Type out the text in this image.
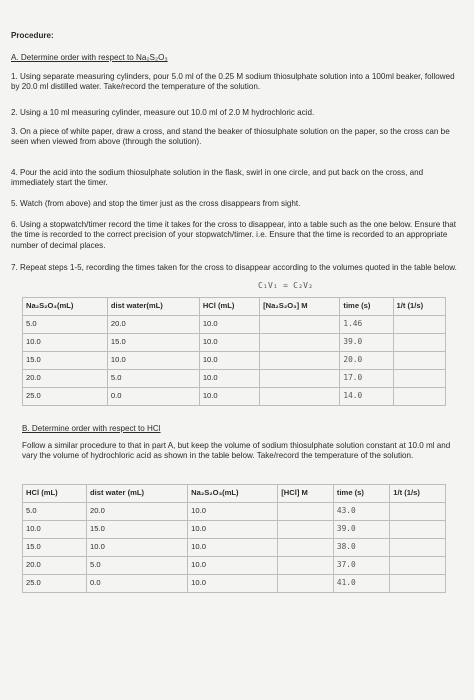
Procedure:
A. Determine order with respect to Na₂S₂O₃

1. Using separate measuring cylinders, pour 5.0 ml of the 0.25 M sodium thiosulphate solution into a 100ml beaker, followed by 20.0 ml distilled water. Take/record the temperature of the solution.

2. Using a 10 ml measuring cylinder, measure out 10.0 ml of 2.0 M hydrochloric acid.

3. On a piece of white paper, draw a cross, and stand the beaker of thiosulphate solution on the paper, so the cross can be seen when viewed from above (through the solution).

4. Pour the acid into the sodium thiosulphate solution in the flask, swirl in one circle, and put back on the cross, and immediately start the timer.

5. Watch (from above) and stop the timer just as the cross disappears from sight.

6. Using a stopwatch/timer record the time it takes for the cross to disappear, into a table such as the one below. Ensure that the time is recorded to the correct precision of your stopwatch/timer. i.e. Ensure that the time is recorded to an appropriate number of decimal places.

7. Repeat steps 1-5, recording the times taken for the cross to disappear according to the volumes quoted in the table below.

C₁V₁ = C₂V₂
Na₂S₂O₃(mL)	dist water(mL)	HCl (mL)	[Na₂S₂O₃] M	time (s)	1/t (1/s)
5.0	20.0	10.0		1.46	
10.0	15.0	10.0		39.0	
15.0	10.0	10.0		20.0	
20.0	5.0	10.0		17.0	
25.0	0.0	10.0		14.0	
B. Determine order with respect to HCl

Follow a similar procedure to that in part A, but keep the volume of sodium thiosulphate solution constant at 10.0 ml and vary the volume of hydrochloric acid as shown in the table below. Take/record the temperature of the solution.

HCl (mL)	dist water (mL)	Na₂S₂O₃(mL)	[HCl] M	time (s)	1/t (1/s)
5.0	20.0	10.0		43.0	
10.0	15.0	10.0		39.0	
15.0	10.0	10.0		38.0	
20.0	5.0	10.0		37.0	
25.0	0.0	10.0		41.0	
